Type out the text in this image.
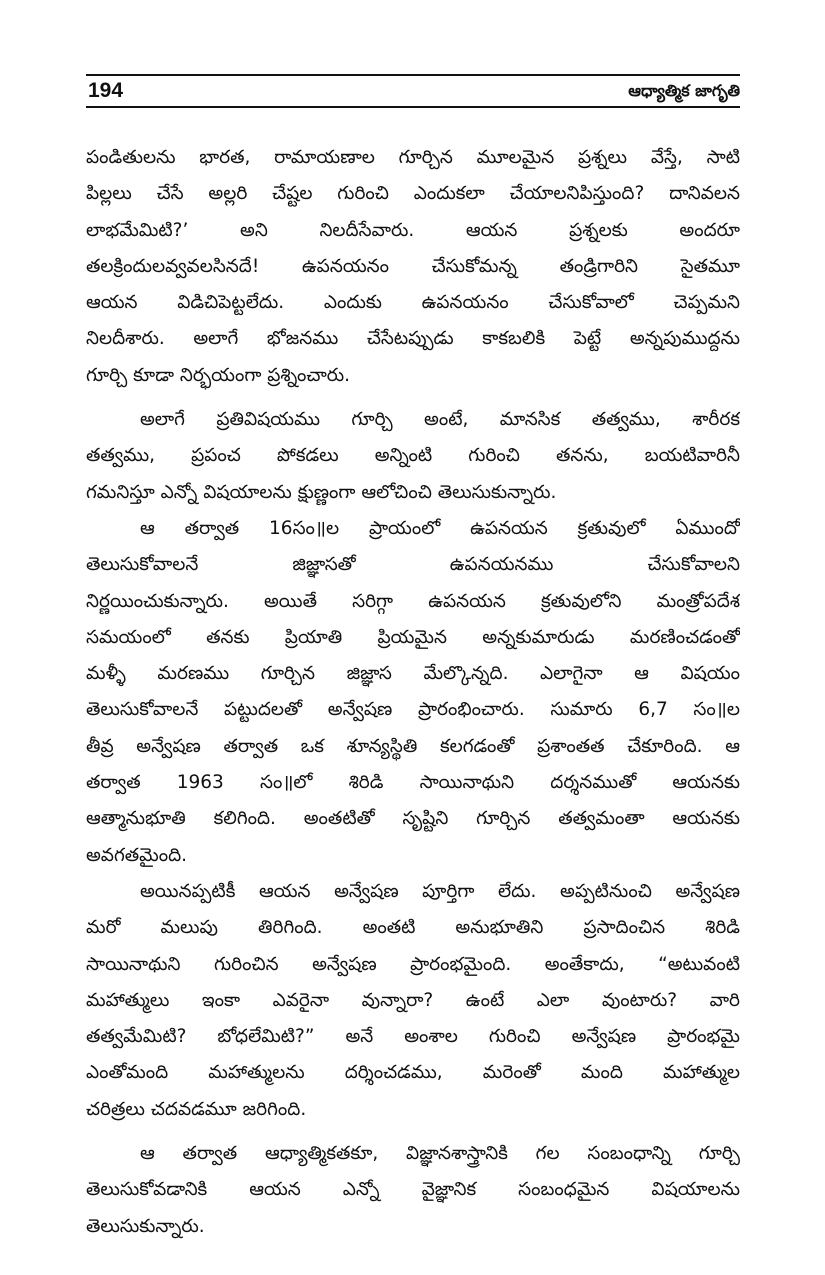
194	ఆధ్యాత్మిక జాగృతి
పండితులను భారత, రామాయణాల గూర్చిన మూలమైన ప్రశ్నలు వేస్తే, సాటి
పిల్లలు చేసే అల్లరి చేష్టల గురించి ఎందుకలా చేయాలనిపిస్తుంది? దానివలన
లాభమేమిటి?’ అని నిలదీసేవారు. ఆయన ప్రశ్నలకు అందరూ
తలక్రిందులవ్వవలసినదే! ఉపనయనం చేసుకోమన్న తండ్రిగారిని సైతమూ
ఆయన విడిచిపెట్టలేదు. ఎందుకు ఉపనయనం చేసుకోవాలో చెప్పమని
నిలదీశారు. అలాగే భోజనము చేసేటప్పుడు కాకబలికి పెట్టే అన్నపుముద్దను
గూర్చి కూడా నిర్భయంగా ప్రశ్నించారు.
అలాగే ప్రతివిషయము గూర్చి అంటే, మానసిక తత్వము, శారీరక
తత్వము, ప్రపంచ పోకడలు అన్నింటి గురించి తనను, బయటివారినీ
గమనిస్తూ ఎన్నో విషయాలను క్షుణ్ణంగా ఆలోచించి తెలుసుకున్నారు.
ఆ తర్వాత 16సం॥ల ప్రాయంలో ఉపనయన క్రతువులో ఏముందో
తెలుసుకోవాలనే జిజ్ఞాసతో ఉపనయనము చేసుకోవాలని
నిర్ణయించుకున్నారు. అయితే సరిగ్గా ఉపనయన క్రతువులోని మంత్రోపదేశ
సమయంలో తనకు ప్రియాతి ప్రియమైన అన్నకుమారుడు మరణించడంతో
మళ్ళీ మరణము గూర్చిన జిజ్ఞాస మేల్కొన్నది. ఎలాగైనా ఆ విషయం
తెలుసుకోవాలనే పట్టుదలతో అన్వేషణ ప్రారంభించారు. సుమారు 6,7 సం॥ల
తీవ్ర అన్వేషణ తర్వాత ఒక శూన్యస్థితి కలగడంతో ప్రశాంతత చేకూరింది. ఆ
తర్వాత 1963 సం॥లో శిరిడి సాయినాథుని దర్శనముతో ఆయనకు
ఆత్మానుభూతి కలిగింది. అంతటితో సృష్టిని గూర్చిన తత్వమంతా ఆయనకు
అవగతమైంది.
అయినప్పటికీ ఆయన అన్వేషణ పూర్తిగా లేదు. అప్పటినుంచి అన్వేషణ
మరో మలుపు తిరిగింది. అంతటి అనుభూతిని ప్రసాదించిన శిరిడి
సాయినాథుని గురించిన అన్వేషణ ప్రారంభమైంది. అంతేకాదు, “అటువంటి
మహాత్ములు ఇంకా ఎవరైనా వున్నారా? ఉంటే ఎలా వుంటారు? వారి
తత్వమేమిటి? బోధలేమిటి?” అనే అంశాల గురించి అన్వేషణ ప్రారంభమై
ఎంతోమంది మహాత్ములను దర్శించడము, మరెంతో మంది మహాత్ముల
చరిత్రలు చదవడమూ జరిగింది.
ఆ తర్వాత ఆధ్యాత్మికతకూ, విజ్ఞానశాస్త్రానికి గల సంబంధాన్ని గూర్చి
తెలుసుకోవడానికి ఆయన ఎన్నో వైజ్ఞానిక సంబంధమైన విషయాలను
తెలుసుకున్నారు.
